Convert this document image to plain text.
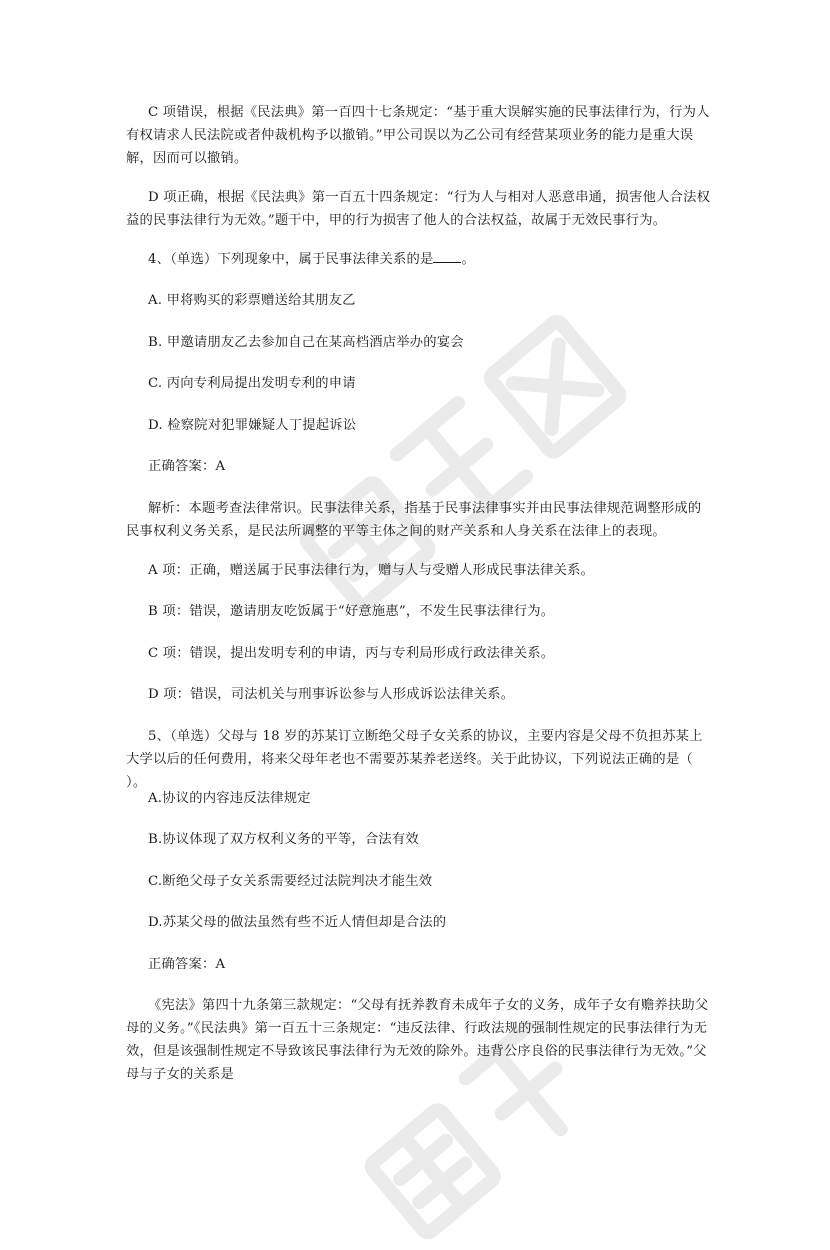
C 项错误，根据《民法典》第一百四十七条规定：“基于重大误解实施的民事法律行为，行为人有权请求人民法院或者仲裁机构予以撤销。”甲公司误以为乙公司有经营某项业务的能力是重大误解，因而可以撤销。

D 项正确，根据《民法典》第一百五十四条规定：“行为人与相对人恶意串通，损害他人合法权益的民事法律行为无效。”题干中，甲的行为损害了他人的合法权益，故属于无效民事行为。

4、（单选）下列现象中，属于民事法律关系的是 。

A. 甲将购买的彩票赠送给其朋友乙

B. 甲邀请朋友乙去参加自己在某高档酒店举办的宴会

C. 丙向专利局提出发明专利的申请

D. 检察院对犯罪嫌疑人丁提起诉讼

正确答案：A

解析：本题考查法律常识。民事法律关系，指基于民事法律事实并由民事法律规范调整形成的民事权利义务关系，是民法所调整的平等主体之间的财产关系和人身关系在法律上的表现。

A 项：正确，赠送属于民事法律行为，赠与人与受赠人形成民事法律关系。

B 项：错误，邀请朋友吃饭属于“好意施惠”，不发生民事法律行为。

C 项：错误，提出发明专利的申请，丙与专利局形成行政法律关系。

D 项：错误，司法机关与刑事诉讼参与人形成诉讼法律关系。

5、（单选）父母与 18 岁的苏某订立断绝父母子女关系的协议，主要内容是父母不负担苏某上大学以后的任何费用，将来父母年老也不需要苏某养老送终。关于此协议，下列说法正确的是（ ）。

A.协议的内容违反法律规定

B.协议体现了双方权利义务的平等，合法有效

C.断绝父母子女关系需要经过法院判决才能生效

D.苏某父母的做法虽然有些不近人情但却是合法的

正确答案：A

《宪法》第四十九条第三款规定：“父母有抚养教育未成年子女的义务，成年子女有赡养扶助父母的义务。”《民法典》第一百五十三条规定：“违反法律、行政法规的强制性规定的民事法律行为无效，但是该强制性规定不导致该民事法律行为无效的除外。违背公序良俗的民事法律行为无效。”父母与子女的关系是
